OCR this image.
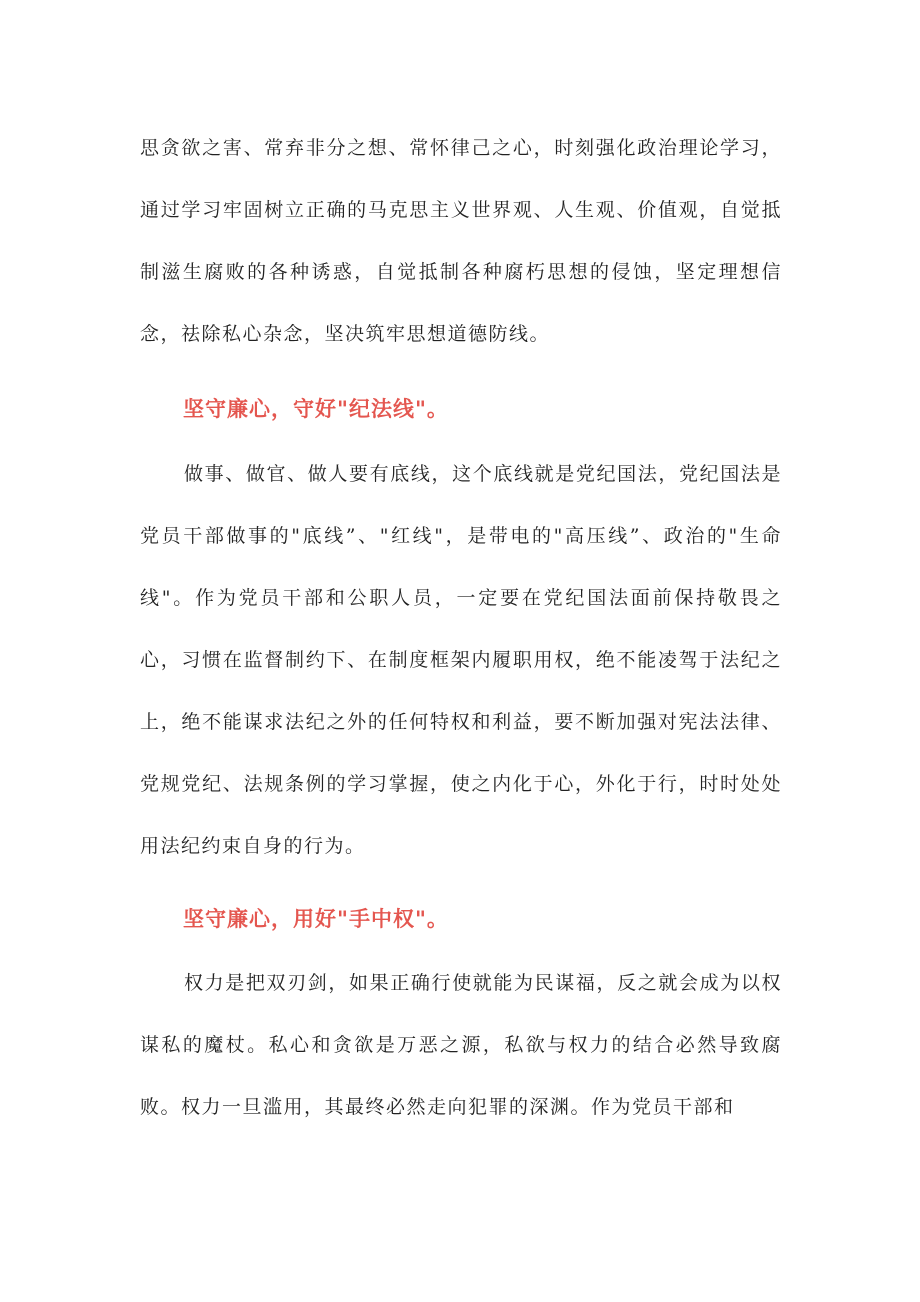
思贪欲之害、常弃非分之想、常怀律己之心，时刻强化政治理论学习，通过学习牢固树立正确的马克思主义世界观、人生观、价值观，自觉抵制滋生腐败的各种诱惑，自觉抵制各种腐朽思想的侵蚀，坚定理想信念，祛除私心杂念，坚决筑牢思想道德防线。

坚守廉心，守好"纪法线"。

做事、做官、做人要有底线，这个底线就是党纪国法，党纪国法是党员干部做事的"底线”、"红线"，是带电的"高压线”、政治的"生命线"。作为党员干部和公职人员，一定要在党纪国法面前保持敬畏之心，习惯在监督制约下、在制度框架内履职用权，绝不能凌驾于法纪之上，绝不能谋求法纪之外的任何特权和利益，要不断加强对宪法法律、党规党纪、法规条例的学习掌握，使之内化于心，外化于行，时时处处用法纪约束自身的行为。

坚守廉心，用好"手中权"。

权力是把双刃剑，如果正确行使就能为民谋福，反之就会成为以权谋私的魔杖。私心和贪欲是万恶之源，私欲与权力的结合必然导致腐败。权力一旦滥用，其最终必然走向犯罪的深渊。作为党员干部和
